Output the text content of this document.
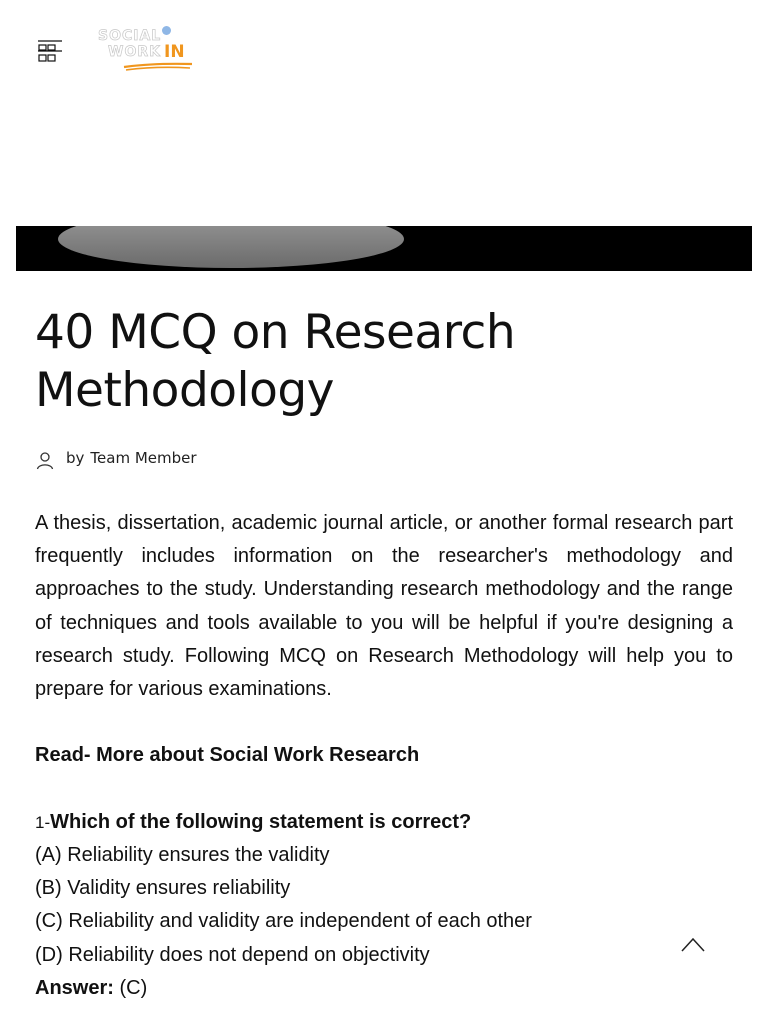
SOCIAL
WORK IN
40 MCQ on Research
Methodology
by Team Member

A thesis, dissertation, academic journal article, or another formal research part frequently includes information on the researcher's methodology and approaches to the study. Understanding research methodology and the range of techniques and tools available to you will be helpful if you're designing a research study. Following MCQ on Research Methodology will help you to prepare for various examinations.

Read- More about Social Work Research

1-Which of the following statement is correct?

(A) Reliability ensures the validity

(B) Validity ensures reliability

(C) Reliability and validity are independent of each other

(D) Reliability does not depend on objectivity

Answer: (C)
